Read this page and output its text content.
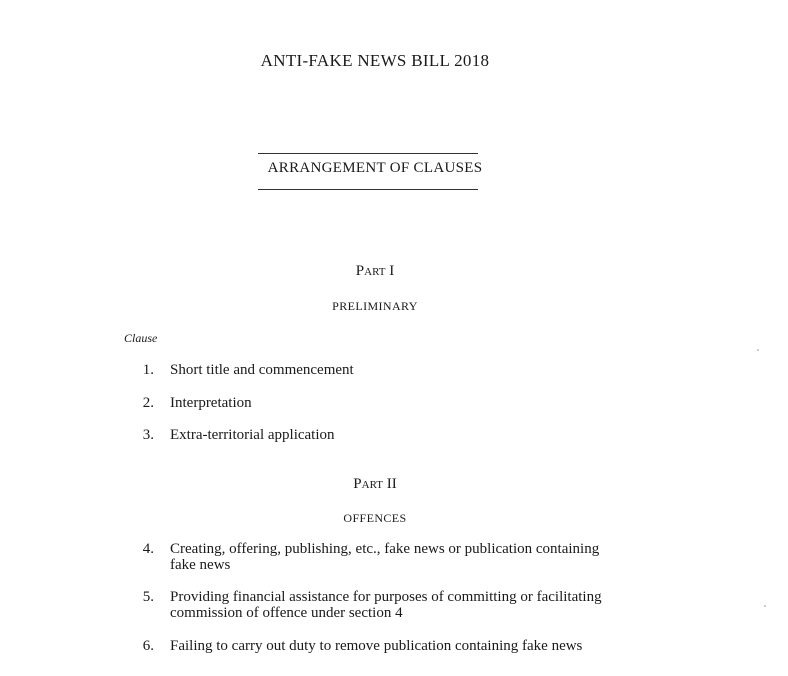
ANTI-FAKE NEWS BILL 2018
ARRANGEMENT OF CLAUSES
Part I
PRELIMINARY
Clause
1. Short title and commencement
2. Interpretation
3. Extra-territorial application
Part II
OFFENCES
4. Creating, offering, publishing, etc., fake news or publication containing
fake news
5. Providing financial assistance for purposes of committing or facilitating
commission of offence under section 4
6. Failing to carry out duty to remove publication containing fake news
